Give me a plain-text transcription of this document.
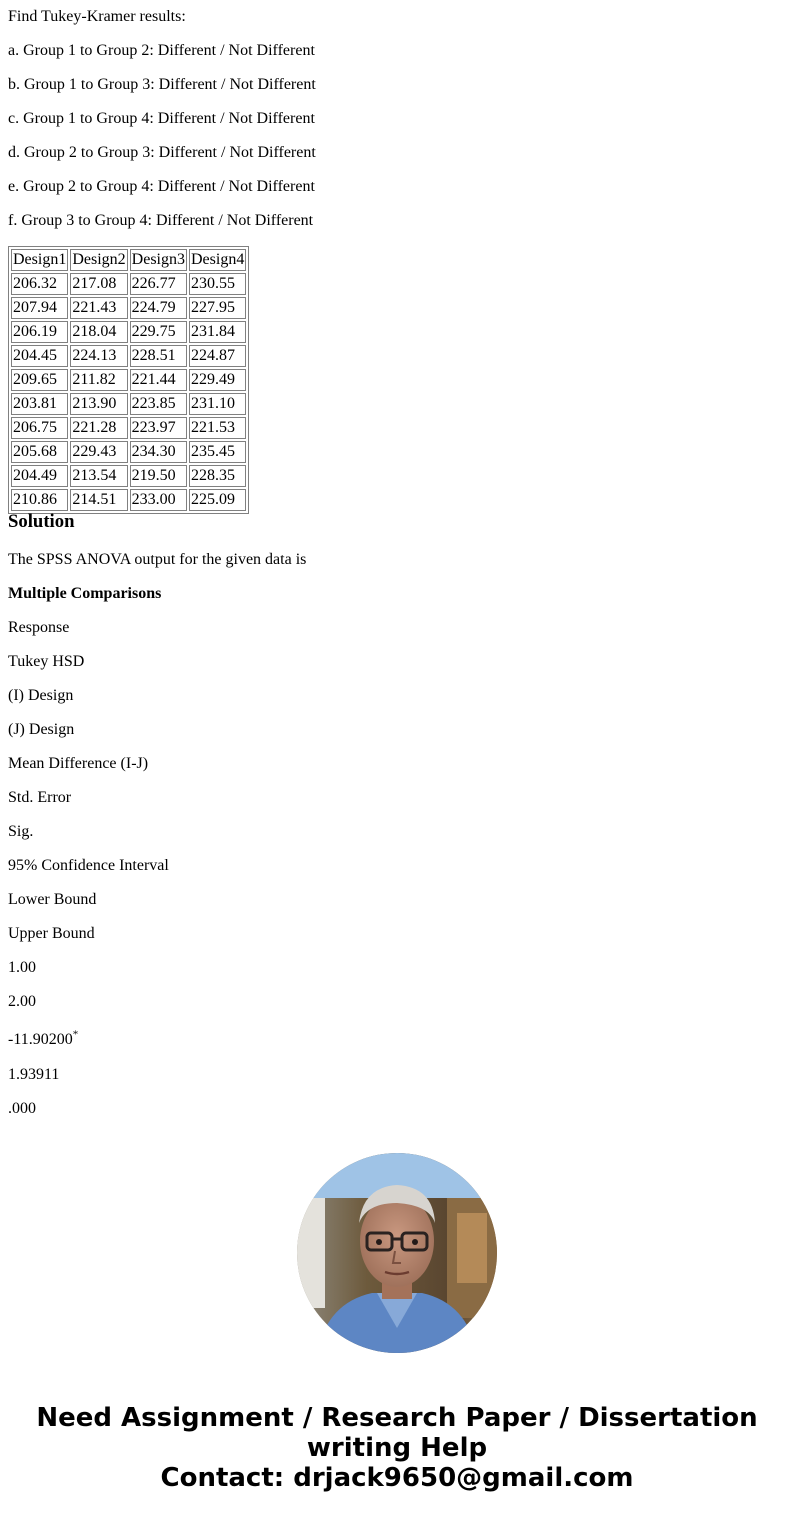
Find Tukey-Kramer results:

a. Group 1 to Group 2: Different / Not Different

b. Group 1 to Group 3: Different / Not Different

c. Group 1 to Group 4: Different / Not Different

d. Group 2 to Group 3: Different / Not Different

e. Group 2 to Group 4: Different / Not Different

f. Group 3 to Group 4: Different / Not Different

Design1	Design2	Design3	Design4
206.32	217.08	226.77	230.55
207.94	221.43	224.79	227.95
206.19	218.04	229.75	231.84
204.45	224.13	228.51	224.87
209.65	211.82	221.44	229.49
203.81	213.90	223.85	231.10
206.75	221.28	223.97	221.53
205.68	229.43	234.30	235.45
204.49	213.54	219.50	228.35
210.86	214.51	233.00	225.09
Solution

The SPSS ANOVA output for the given data is

Multiple Comparisons

Response

Tukey HSD

(I) Design

(J) Design

Mean Difference (I-J)

Std. Error

Sig.

95% Confidence Interval

Lower Bound

Upper Bound

1.00

2.00

-11.90200*

1.93911

.000

Need Assignment / Research Paper / Dissertation
writing Help
Contact: drjack9650@gmail.com
